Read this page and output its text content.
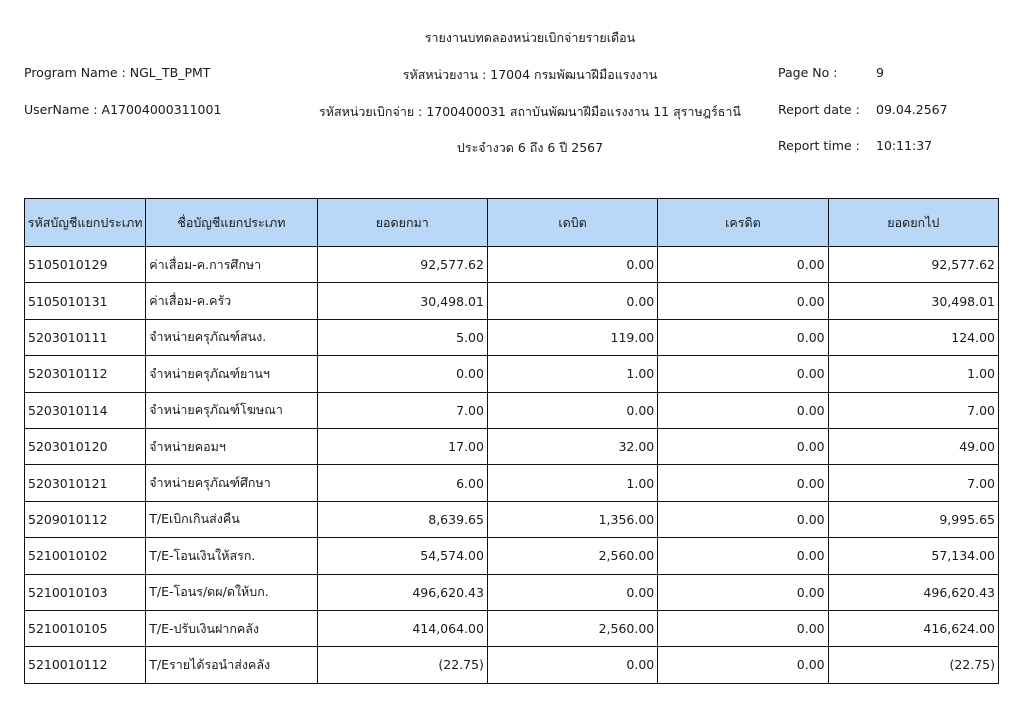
รายงานบทดลองหน่วยเบิกจ่ายรายเดือน
Program Name : NGL_TB_PMT	รหัสหน่วยงาน : 17004 กรมพัฒนาฝีมือแรงงาน	Page No :	9
UserName : A17004000311001	รหัสหน่วยเบิกจ่าย : 1700400031 สถาบันพัฒนาฝีมือแรงงาน 11 สุราษฎร์ธานี	Report date : 09.04.2567
ประจำงวด 6 ถึง 6 ปี 2567	Report time : 10:11:37
รหัสบัญชีแยกประเภท	ชื่อบัญชีแยกประเภท	ยอดยกมา	เดบิต	เครดิต	ยอดยกไป
5105010129	ค่าเสื่อม-ค.การศึกษา	92,577.62	0.00	0.00	92,577.62
5105010131	ค่าเสื่อม-ค.ครัว	30,498.01	0.00	0.00	30,498.01
5203010111	จำหน่ายครุภัณฑ์สนง.	5.00	119.00	0.00	124.00
5203010112	จำหน่ายครุภัณฑ์ยานฯ	0.00	1.00	0.00	1.00
5203010114	จำหน่ายครุภัณฑ์โฆษณา	7.00	0.00	0.00	7.00
5203010120	จำหน่ายคอมฯ	17.00	32.00	0.00	49.00
5203010121	จำหน่ายครุภัณฑ์ศึกษา	6.00	1.00	0.00	7.00
5209010112	T/Eเบิกเกินส่งคืน	8,639.65	1,356.00	0.00	9,995.65
5210010102	T/E-โอนเงินให้สรก.	54,574.00	2,560.00	0.00	57,134.00
5210010103	T/E-โอนร/ดผ/ดให้บก.	496,620.43	0.00	0.00	496,620.43
5210010105	T/E-ปรับเงินฝากคลัง	414,064.00	2,560.00	0.00	416,624.00
5210010112	T/Eรายได้รอนำส่งคลัง	(22.75)	0.00	0.00	(22.75)
